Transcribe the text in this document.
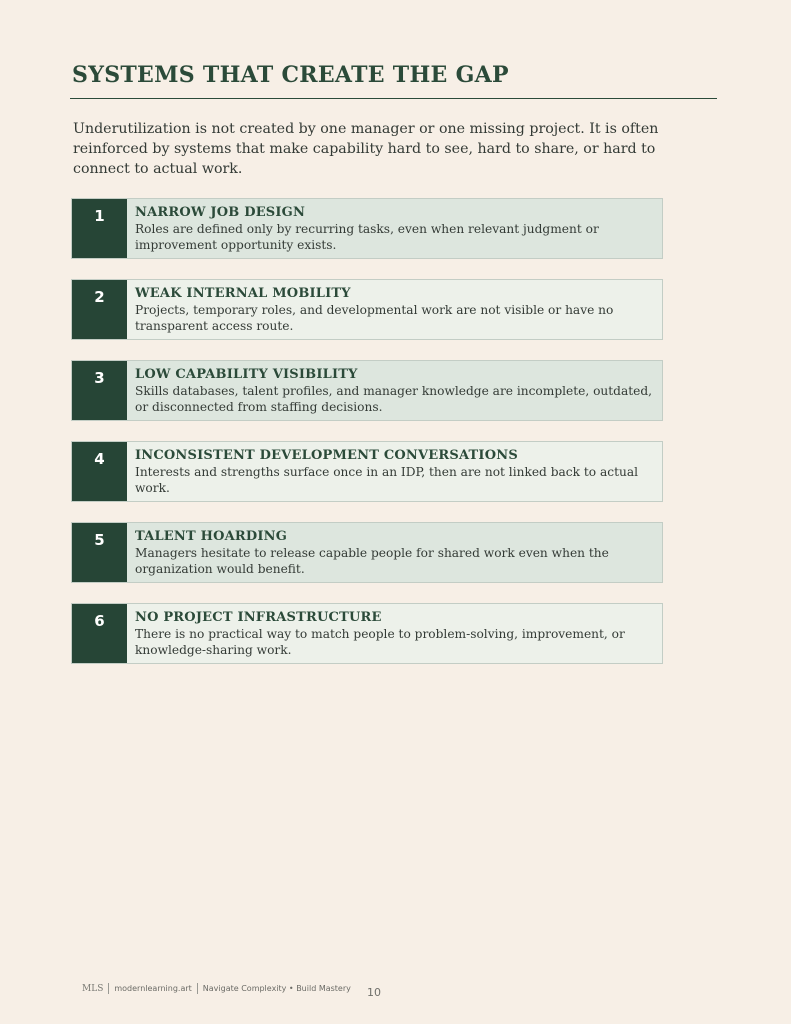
SYSTEMS THAT CREATE THE GAP

Underutilization is not created by one manager or one missing project. It is often reinforced by systems that make capability hard to see, hard to share, or hard to connect to actual work.

1	NARROW JOB DESIGN
Roles are defined only by recurring tasks, even when relevant judgment or improvement opportunity exists.
2	WEAK INTERNAL MOBILITY
Projects, temporary roles, and developmental work are not visible or have no transparent access route.
3	LOW CAPABILITY VISIBILITY
Skills databases, talent profiles, and manager knowledge are incomplete, outdated, or disconnected from staffing decisions.
4	INCONSISTENT DEVELOPMENT CONVERSATIONS
Interests and strengths surface once in an IDP, then are not linked back to actual work.
5	TALENT HOARDING
Managers hesitate to release capable people for shared work even when the organization would benefit.
6	NO PROJECT INFRASTRUCTURE
There is no practical way to match people to problem-solving, improvement, or knowledge-sharing work.
MLS modernlearning.art Navigate Complexity • Build Mastery 10
